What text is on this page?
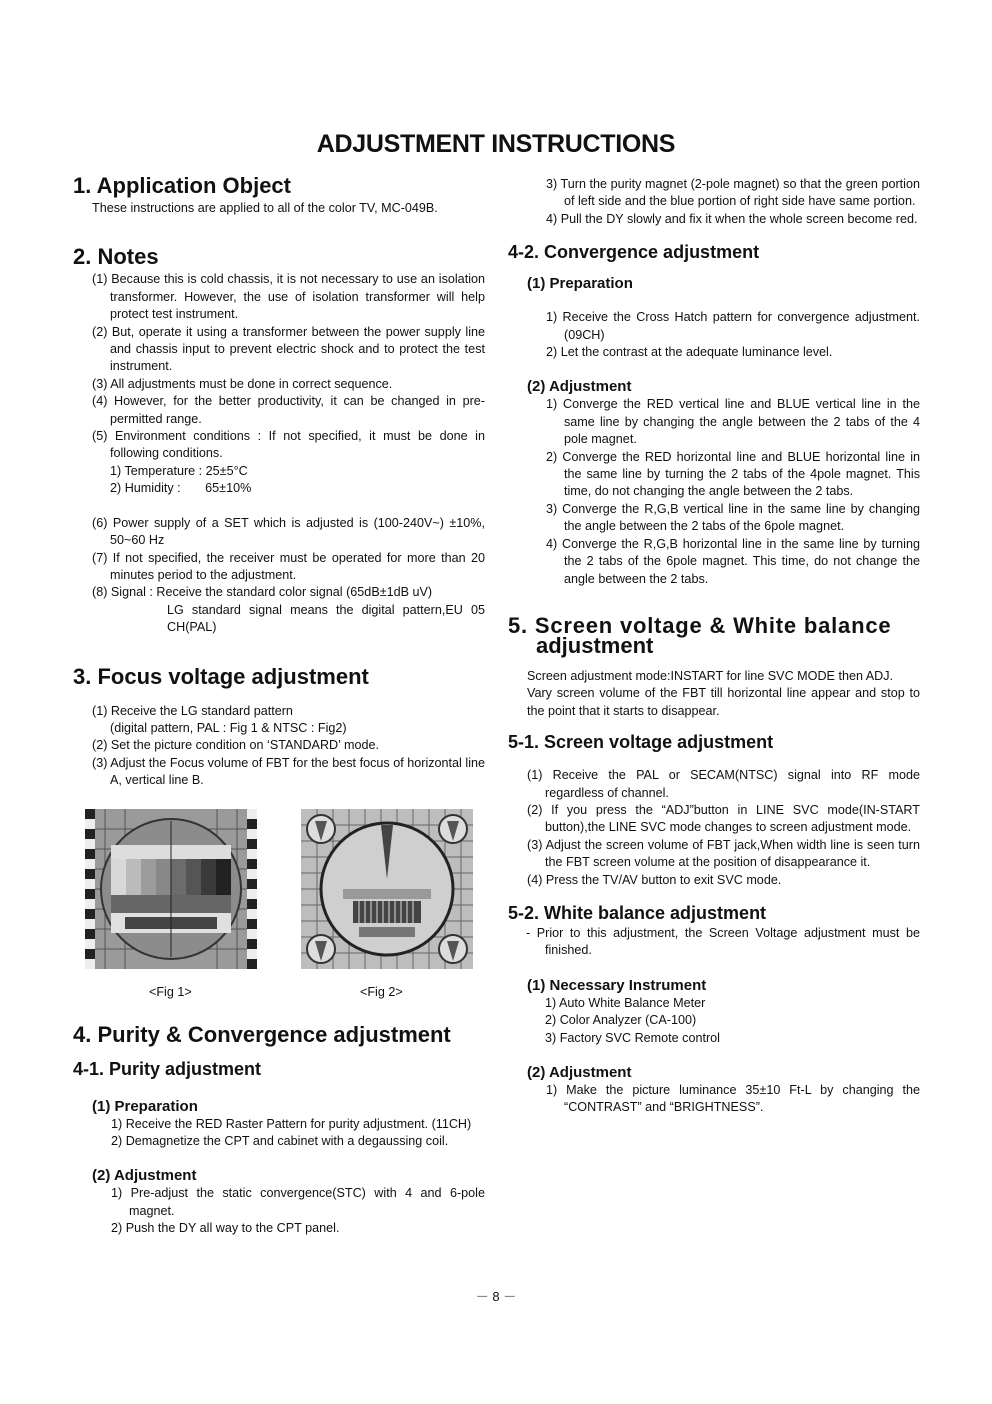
ADJUSTMENT INSTRUCTIONS
1. Application Object

These instructions are applied to all of the color TV, MC-049B.

2. Notes

(1) Because this is cold chassis, it is not necessary to use an isolation transformer. However, the use of isolation transformer will help protect test instrument.

(2) But, operate it using a transformer between the power supply line and chassis input to prevent electric shock and to protect the test instrument.

(3) All adjustments must be done in correct sequence.

(4) However, for the better productivity, it can be changed in pre-permitted range.

(5) Environment conditions : If not specified, it must be done in following conditions.

1) Temperature : 25±5°C

2) Humidity :       65±10%

(6) Power supply of a SET which is adjusted is (100-240V~) ±10%, 50~60 Hz

(7) If not specified, the receiver must be operated for more than 20 minutes period to the adjustment.

(8) Signal : Receive the standard color signal (65dB±1dB uV)

LG standard signal means the digital pattern,EU 05 CH(PAL)

3. Focus voltage adjustment

(1) Receive the LG standard pattern

(digital pattern, PAL : Fig 1 & NTSC : Fig2)

(2) Set the picture condition on ‘STANDARD’ mode.

(3) Adjust the Focus volume of FBT for the best focus of horizontal line A, vertical line B.

<Fig 1>	<Fig 2>
4. Purity & Convergence adjustment
4-1. Purity adjustment
(1) Preparation

1) Receive the RED Raster Pattern for purity adjustment. (11CH)

2) Demagnetize the CPT and cabinet with a degaussing coil.

(2) Adjustment

1) Pre-adjust the static convergence(STC) with 4 and 6-pole magnet.

2) Push the DY all way to the CPT panel.

3) Turn the purity magnet (2-pole magnet) so that the green portion of left side and the blue portion of right side have same portion.

4) Pull the DY slowly and fix it when the whole screen become red.

4-2. Convergence adjustment
(1) Preparation

1) Receive the Cross Hatch pattern for convergence adjustment. (09CH)

2) Let the contrast at the adequate luminance level.

(2) Adjustment

1) Converge the RED vertical line and BLUE vertical line in the same line by changing the angle between the 2 tabs of the 4 pole magnet.

2) Converge the RED horizontal line and BLUE horizontal line in the same line by turning the 2 tabs of the 4pole magnet. This time, do not changing the angle between the 2 tabs.

3) Converge the R,G,B vertical line in the same line by changing the angle between the 2 tabs of the 6pole magnet.

4) Converge the R,G,B horizontal line in the same line by turning the 2 tabs of the 6pole magnet. This time, do not change the angle between the 2 tabs.

5. Screen voltage & White balance

adjustment

Screen adjustment mode:INSTART for line SVC MODE then ADJ.

Vary screen volume of the FBT till horizontal line appear and stop to the point that it starts to disappear.

5-1. Screen voltage adjustment

(1) Receive the PAL or SECAM(NTSC) signal into RF mode regardless of channel.

(2) If you press the “ADJ”button in LINE SVC mode(IN-START button),the LINE SVC mode changes to screen adjustment mode.

(3) Adjust the screen volume of FBT jack,When width line is seen turn the FBT screen volume at the position of disappearance it.

(4) Press the TV/AV button to exit SVC mode.

5-2. White balance adjustment

- Prior to this adjustment, the Screen Voltage adjustment must be finished.

(1) Necessary Instrument

1) Auto White Balance Meter

2) Color Analyzer (CA-100)

3) Factory SVC Remote control

(2) Adjustment

1) Make the picture luminance 35±10 Ft-L by changing the “CONTRAST” and “BRIGHTNESS”.

－ 8 －
